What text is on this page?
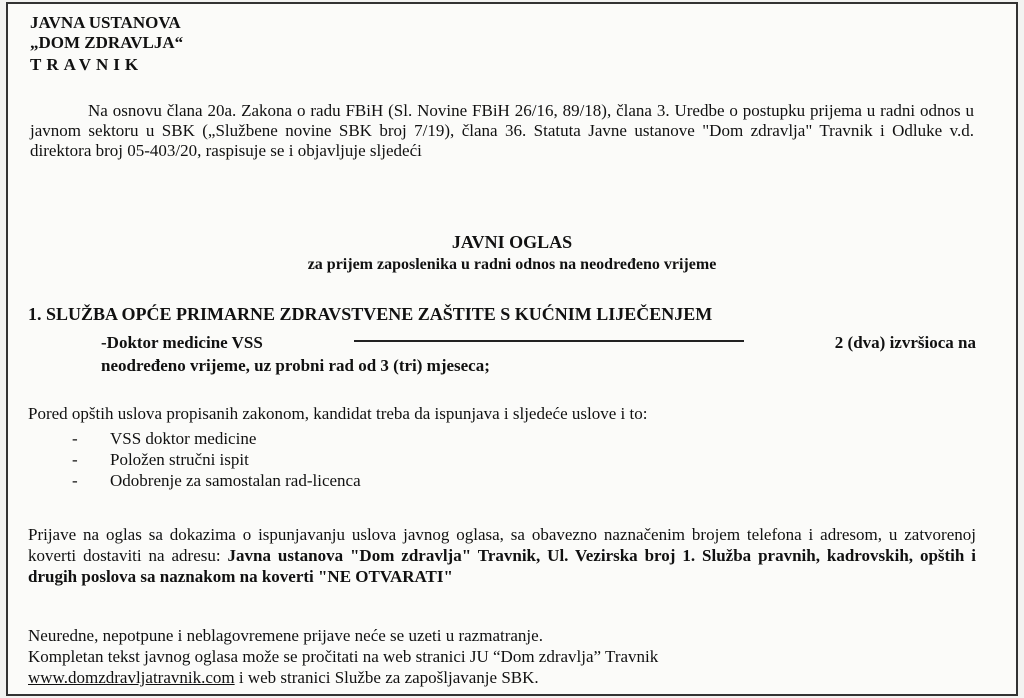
JAVNA USTANOVA
„DOM ZDRAVLJA“
TRAVNIK

Na osnovu člana 20a. Zakona o radu FBiH (Sl. Novine FBiH 26/16, 89/18), člana 3. Uredbe o postupku prijema u radni odnos u javnom sektoru u SBK („Službene novine SBK broj 7/19), člana 36. Statuta Javne ustanove "Dom zdravlja" Travnik i Odluke v.d. direktora broj 05-403/20, raspisuje se i objavljuje sljedeći

JAVNI OGLAS
za prijem zaposlenika u radni odnos na neodređeno vrijeme
1. SLUŽBA OPĆE PRIMARNE ZDRAVSTVENE ZAŠTITE S KUĆNIM LIJEČENJEM
-Doktor medicine VSS	2 (dva) izvršioca na
neodređeno vrijeme, uz probni rad od 3 (tri) mjeseca;
Pored opštih uslova propisanih zakonom, kandidat treba da ispunjava i sljedeće uslove i to:
-	VSS doktor medicine
-	Položen stručni ispit
-	Odobrenje za samostalan rad-licenca

Prijave na oglas sa dokazima o ispunjavanju uslova javnog oglasa, sa obavezno naznačenim brojem telefona i adresom, u zatvorenoj koverti dostaviti na adresu: Javna ustanova "Dom zdravlja" Travnik, Ul. Vezirska broj 1. Služba pravnih, kadrovskih, opštih i drugih poslova sa naznakom na koverti "NE OTVARATI"

Neuredne, nepotpune i neblagovremene prijave neće se uzeti u razmatranje.
Kompletan tekst javnog oglasa može se pročitati na web stranici JU “Dom zdravlja” Travnik
www.domzdravljatravnik.com i web stranici Službe za zapošljavanje SBK.
